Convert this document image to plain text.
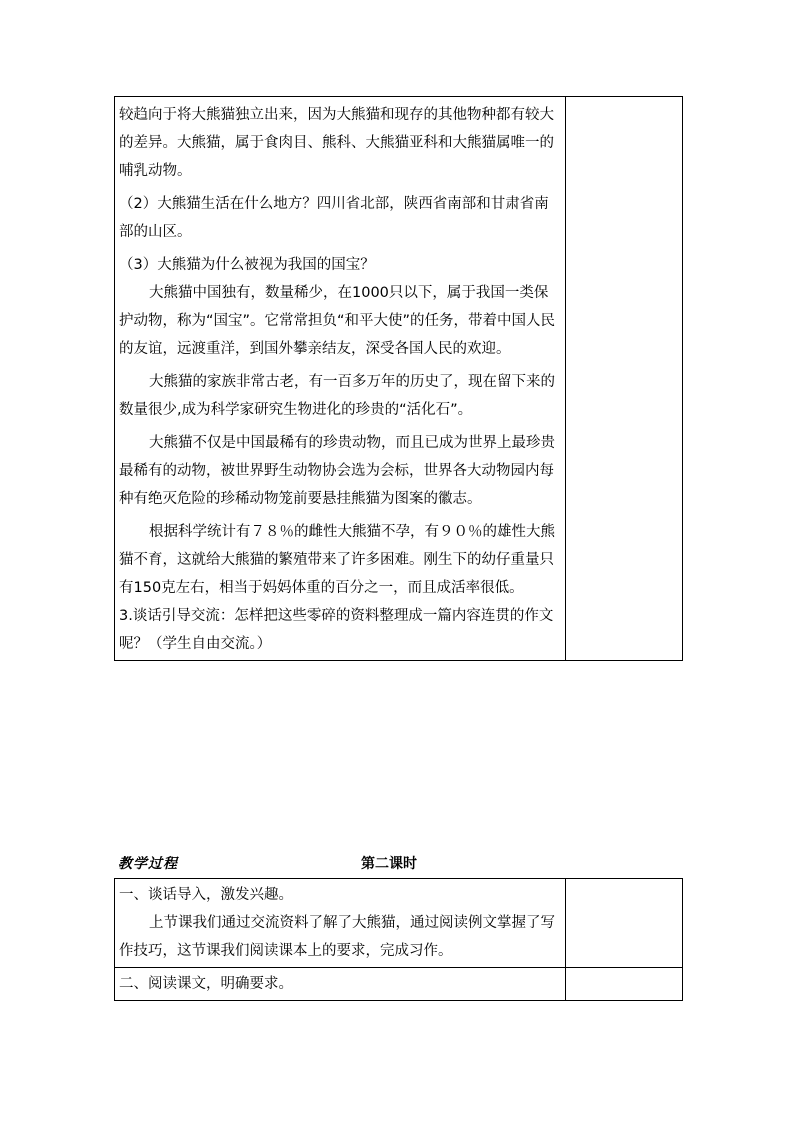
较趋向于将大熊猫独立出来，因为大熊猫和现存的其他物种都有较大的差异。大熊猫，属于食肉目、熊科、大熊猫亚科和大熊猫属唯一的哺乳动物。

（2）大熊猫生活在什么地方？四川省北部，陕西省南部和甘肃省南部的山区。

（3）大熊猫为什么被视为我国的国宝？

大熊猫中国独有，数量稀少，在1000只以下，属于我国一类保护动物，称为“国宝”。它常常担负“和平大使”的任务，带着中国人民的友谊，远渡重洋，到国外攀亲结友，深受各国人民的欢迎。

大熊猫的家族非常古老，有一百多万年的历史了，现在留下来的数量很少,成为科学家研究生物进化的珍贵的“活化石”。

大熊猫不仅是中国最稀有的珍贵动物，而且已成为世界上最珍贵最稀有的动物，被世界野生动物协会选为会标，世界各大动物园内每种有绝灭危险的珍稀动物笼前要悬挂熊猫为图案的徽志。

根据科学统计有７８％的雌性大熊猫不孕，有９０％的雄性大熊猫不育，这就给大熊猫的繁殖带来了许多困难。刚生下的幼仔重量只有150克左右，相当于妈妈体重的百分之一，而且成活率很低。

3.谈话引导交流：怎样把这些零碎的资料整理成一篇内容连贯的作文呢？（学生自由交流。）

教学过程	第二课时

一、谈话导入，激发兴趣。

上节课我们通过交流资料了解了大熊猫，通过阅读例文掌握了写作技巧，这节课我们阅读课本上的要求，完成习作。	

二、阅读课文，明确要求。	
